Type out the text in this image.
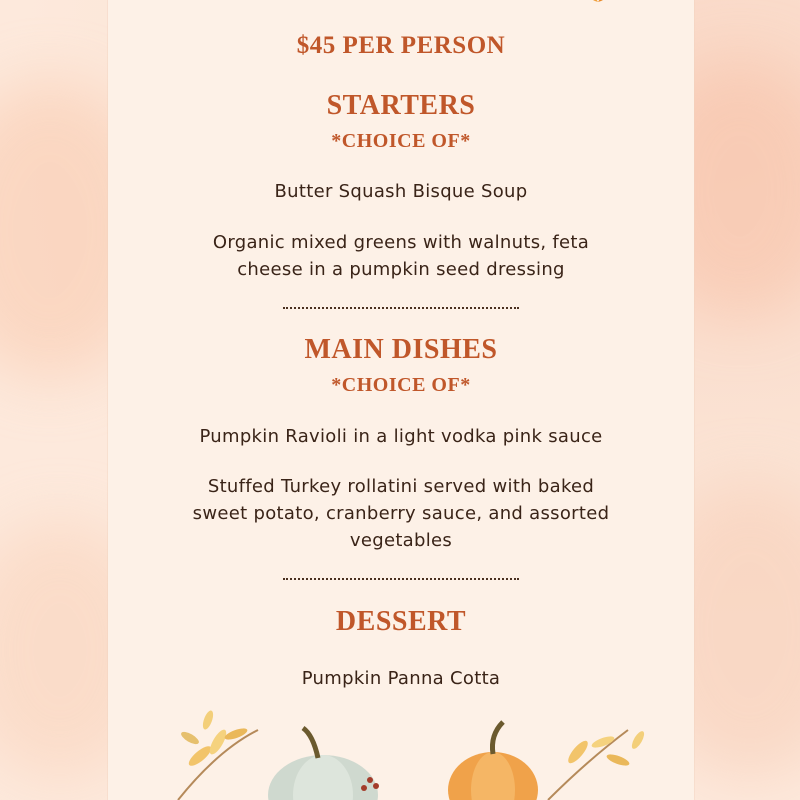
$45 PER PERSON
STARTERS
*CHOICE OF*

Butter Squash Bisque Soup

Organic mixed greens with walnuts, feta cheese in a pumpkin seed dressing

MAIN DISHES
*CHOICE OF*

Pumpkin Ravioli in a light vodka pink sauce

Stuffed Turkey rollatini served with baked sweet potato, cranberry sauce, and assorted vegetables

DESSERT

Pumpkin Panna Cotta
